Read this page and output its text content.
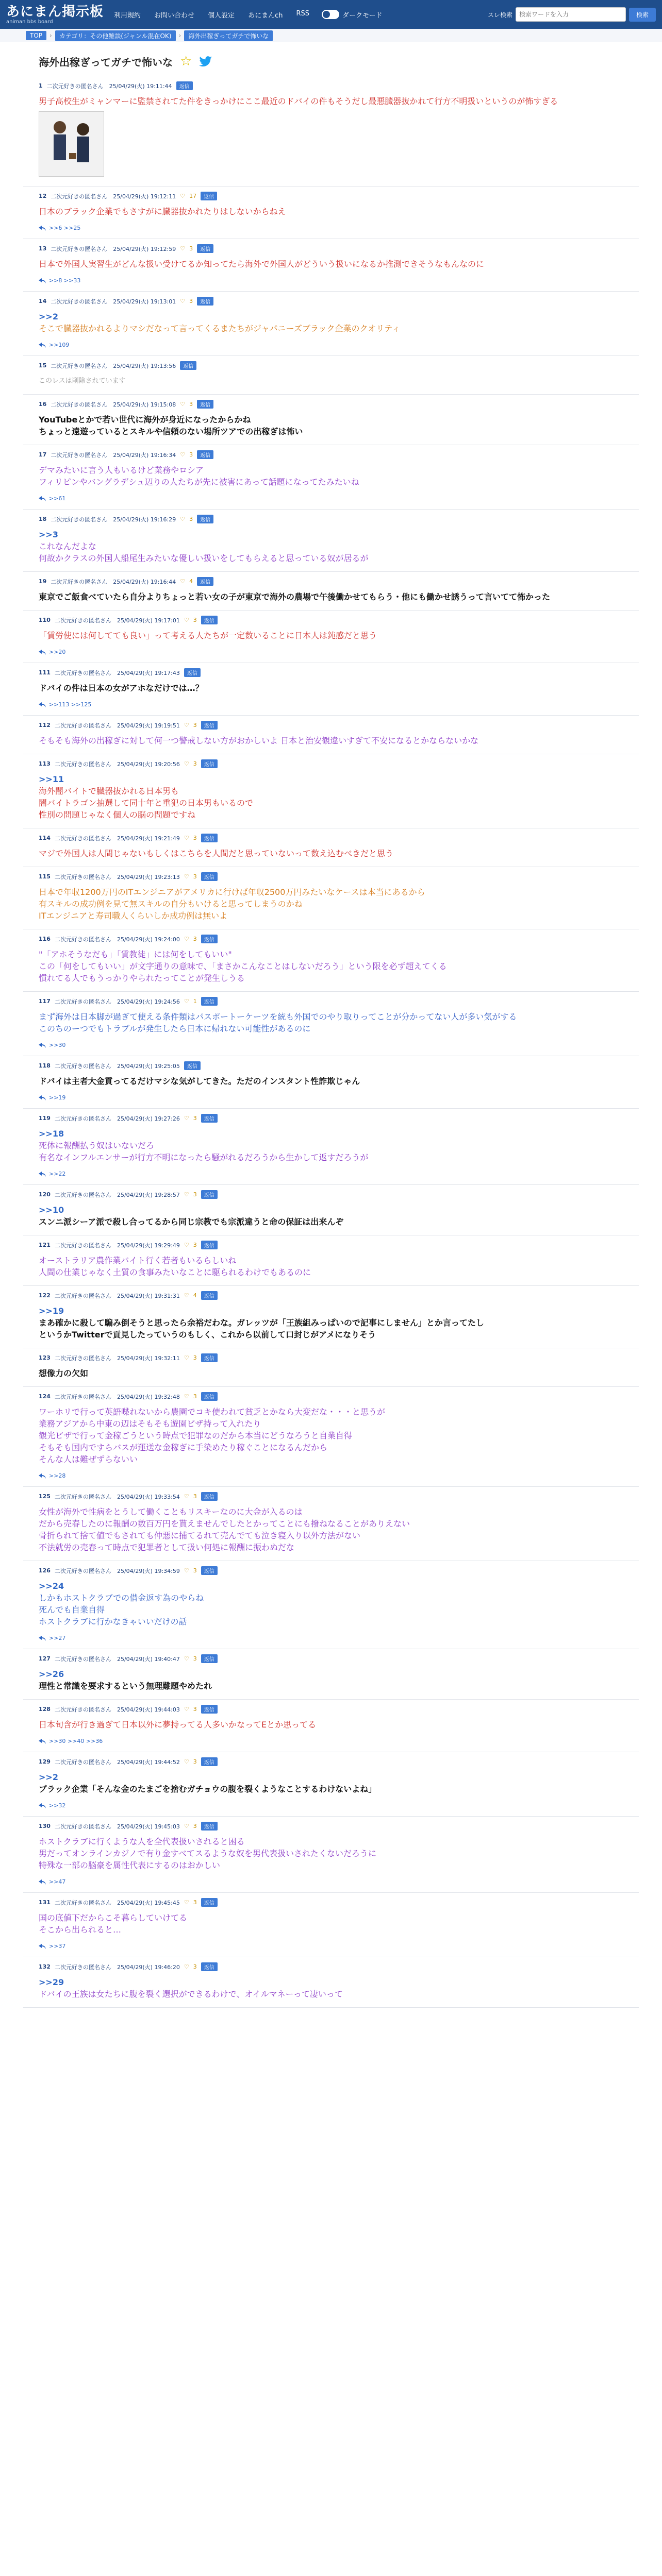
あにまん掲示板
animan bbs board
利用規約 お問い合わせ 個人設定 あにまんch RSS	ダークモード	スレ検索
検索ワードを入力	検索
TOP	›	カテゴリ：その他雑談(ジャンル混在OK)	›	海外出稼ぎってガチで怖いな
海外出稼ぎってガチで怖いな ☆
1 二次元好きの匿名さん　25/04/29(火) 19:11:44	返信
男子高校生がミャンマーに監禁されてた件をきっかけにここ最近のドバイの件もそうだし最悪臓器抜かれて行方不明扱いというのが怖すぎる
12 二次元好きの匿名さん　25/04/29(火) 19:12:11 ♡ 17	返信
日本のブラック企業でもさすがに臓器抜かれたりはしないからねえ
>>6 >>25
13 二次元好きの匿名さん　25/04/29(火) 19:12:59 ♡ 3	返信
日本で外国人実習生がどんな扱い受けてるか知ってたら海外で外国人がどういう扱いになるか推測できそうなもんなのに
>>8 >>33
14 二次元好きの匿名さん　25/04/29(火) 19:13:01 ♡ 3	返信
>>2
そこで臓器抜かれるよりマシだなって言ってくるまたちがジャパニーズブラック企業のクオリティ
>>109
15 二次元好きの匿名さん　25/04/29(火) 19:13:56	返信
このレスは削除されています
16 二次元好きの匿名さん　25/04/29(火) 19:15:08 ♡ 3	返信
YouTubeとかで若い世代に海外が身近になったからかね
ちょっと遠遊っているとスキルや信頼のない場所ツアでの出稼ぎは怖い
17 二次元好きの匿名さん　25/04/29(火) 19:16:34 ♡ 3	返信
デマみたいに言う人もいるけど業務やロシア
フィリピンやバングラデシュ辺りの人たちが先に被害にあって話題になってたみたいね
>>61
18 二次元好きの匿名さん　25/04/29(火) 19:16:29 ♡ 3	返信
>>3
これなんだよな
何故かクラスの外国人船尾生みたいな優しい扱いをしてもらえると思っている奴が居るが
19 二次元好きの匿名さん　25/04/29(火) 19:16:44 ♡ 4	返信
東京でご飯食べていたら自分よりちょっと若い女の子が東京で海外の農場で午後働かせてもらう・他にも働かせ誘うって言いてて怖かった
110 二次元好きの匿名さん　25/04/29(火) 19:17:01 ♡ 3	返信
「賃労使には何してても良い」って考える人たちが一定数いることに日本人は鈍感だと思う
>>20
111 二次元好きの匿名さん　25/04/29(火) 19:17:43	返信
ドバイの件は日本の女がアホなだけでは…？
>>113 >>125
112 二次元好きの匿名さん　25/04/29(火) 19:19:51 ♡ 3	返信
そもそも海外の出稼ぎに対して何一つ警戒しない方がおかしいよ 日本と治安観違いすぎて不安になるとかならないかな
113 二次元好きの匿名さん　25/04/29(火) 19:20:56 ♡ 3	返信
>>11
海外闇バイトで臓器抜かれる日本男も
闇バイトラゴン抽選して同十年と重犯の日本男もいるので
性別の問題じゃなく個人の脳の問題ですね
114 二次元好きの匿名さん　25/04/29(火) 19:21:49 ♡ 3	返信
マジで外国人は人間じゃないもしくはこちらを人間だと思っていないって数え込むべきだと思う
115 二次元好きの匿名さん　25/04/29(火) 19:23:13 ♡ 3	返信
日本で年収1200万円のITエンジニアがアメリカに行けば年収2500万円みたいなケースは本当にあるから
有スキルの成功例を見て無スキルの自分もいけると思ってしまうのかね
ITエンジニアと寿司職人くらいしか成功例は無いよ
116 二次元好きの匿名さん　25/04/29(火) 19:24:00 ♡ 3	返信
"「アホそうなだも」「賃教徒」には何をしてもいい"
この「何をしてもいい」が文字通りの意味で、「まさかこんなことはしないだろう」という限を必ず超えてくる
慣れてる人でもうっかりやられたってことが発生しうる
117 二次元好きの匿名さん　25/04/29(火) 19:24:56 ♡ 1	返信
まず海外は日本脚が過ぎて使える条件類はパスポートーケーツを統も外国でのやり取りってことが分かってない人が多い気がする
このちのーつでもトラブルが発生したら日本に帰れない可能性があるのに
>>30
118 二次元好きの匿名さん　25/04/29(火) 19:25:05	返信
ドバイは主者大金貢ってるだけマシな気がしてきた。ただのインスタント性詐欺じゃん
>>19
119 二次元好きの匿名さん　25/04/29(火) 19:27:26 ♡ 3	返信
>>18
死体に報酬払う奴はいないだろ
有名なインフルエンサーが行方不明になったら騒がれるだろうから生かして返すだろうが
>>22
120 二次元好きの匿名さん　25/04/29(火) 19:28:57 ♡ 3	返信
>>10
スンニ派シーア派で殺し合ってるから同じ宗教でも宗派違うと命の保証は出来んぞ
121 二次元好きの匿名さん　25/04/29(火) 19:29:49 ♡ 3	返信
オーストラリア農作業バイト行く若者もいるらしいね
人間の仕業じゃなく土質の食事みたいなことに駆られるわけでもあるのに
122 二次元好きの匿名さん　25/04/29(火) 19:31:31 ♡ 4	返信
>>19
まあ確かに殺して騙み倒そうと思ったら余裕だわな。ガレッツが「王族組みっぱいので記事にしません」とか言ってたし
というかTwitterで貢見したっていうのもしく、これから以前して口封じがアメになりそう
123 二次元好きの匿名さん　25/04/29(火) 19:32:11 ♡ 3	返信
想像力の欠如
124 二次元好きの匿名さん　25/04/29(火) 19:32:48 ♡ 3	返信
ワーホリで行って英語喋れないから農園でコキ使われて貧乏とかなら大変だな・・・と思うが
業務アジアから中東の辺はそもそも遊園ビザ持って入れたり
観光ビザで行って金稼ごうという時点で犯罪なのだから本当にどうなろうと自業自得
そもそも国内ですらバスが運送な金稼ぎに手染めたり稼ぐことになるんだから
そんな人は難ぜずらないい
>>28
125 二次元好きの匿名さん　25/04/29(火) 19:33:54 ♡ 3	返信
女性が海外で性病をとうして働くこともリスキーなのに大金が入るのは
だから売春したのに報酬の数百万円を貰えませんでしたとかってことにも撥ねなることがありえない
骨折られて捨て値でもされても仲悪に捕てるれて売んでても泣き寝入り以外方法がない
不法就労の売春って時点で犯罪者として扱い何処に報酬に振わぬだな
126 二次元好きの匿名さん　25/04/29(火) 19:34:59 ♡ 3	返信
>>24
しかもホストクラブでの借金返す為のやらね
死んでも自業自得
ホストクラブに行かなきゃいいだけの話
>>27
127 二次元好きの匿名さん　25/04/29(火) 19:40:47 ♡ 3	返信
>>26
理性と常識を要求するという無理難題やめたれ
128 二次元好きの匿名さん　25/04/29(火) 19:44:03 ♡ 3	返信
日本旬含が行き過ぎて日本以外に夢持ってる人多いかなってEとか思ってる
>>30 >>40 >>36
129 二次元好きの匿名さん　25/04/29(火) 19:44:52 ♡ 3	返信
>>2
ブラック企業「そんな金のたまごを捨むガチョウの腹を裂くようなことするわけないよね」
>>32
130 二次元好きの匿名さん　25/04/29(火) 19:45:03 ♡ 3	返信
ホストクラブに行くような人を全代表扱いされると困る
男だってオンラインカジノで有り金すべてスるような奴を男代表扱いされたくないだろうに
特殊な一部の脳豪を属性代表にするのはおかしい
>>47
131 二次元好きの匿名さん　25/04/29(火) 19:45:45 ♡ 3	返信
国の底値下だからこそ暮らしていけてる
そこから出られると…
>>37
132 二次元好きの匿名さん　25/04/29(火) 19:46:20 ♡ 3	返信
>>29
ドバイの王族は女たちに腹を裂く選択ができるわけで、オイルマネーって凄いって
